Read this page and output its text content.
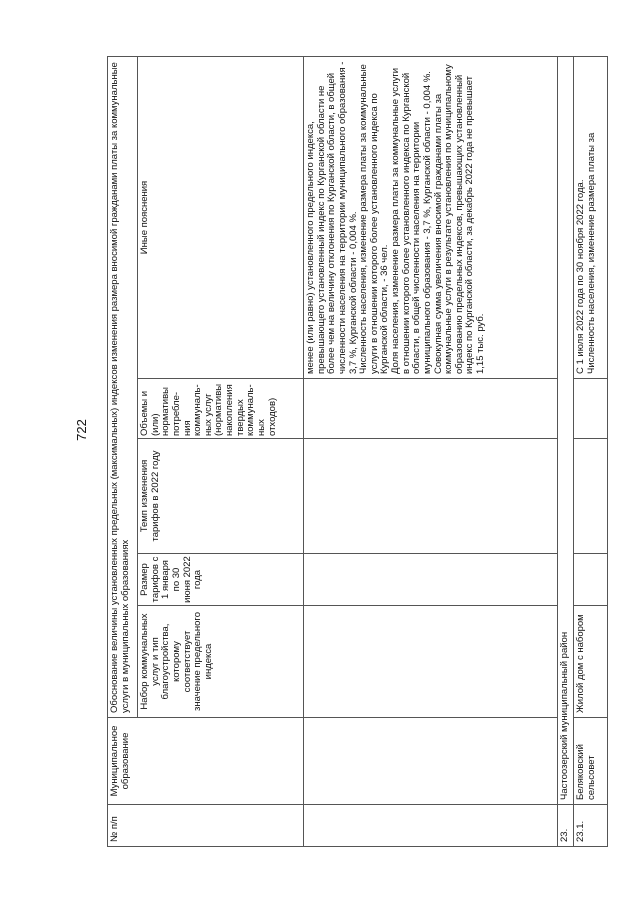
722
№ п/п	Муниципальное образование	Обоснование величины установленных предельных (максимальных) индексов изменения размера вносимой гражданами платы за коммунальные услуги в муниципальных образованиях				
		Набор коммунальных услуг и тип благоустройства, которому соответствует значение предельного индекса	Размер тарифов с 1 января по 30 июня 2022 года	Темп изменения тарифов в 2022 году	Объемы и (или) нормативы потребле-ния коммуналь-ных услуг (нормативы накопления твердых коммуналь-ных отходов)	Иные пояснения
						менее (или равно) установленного предельного индекса, превышающего установленный индекс по Курганской области не более чем на величину отклонения по Курганской области, в общей численности населения на территории муниципального образования - 3,7 %, Курганской области - 0,004 %.
Численность населения, изменение размера платы за коммунальные услуги в отношении которого более установленного индекса по Курганской области, - 36 чел.
Доля населения, изменение размера платы за коммунальные услуги в отношении которого более установленного индекса по Курганской области, в общей численности населения на территории муниципального образования - 3,7 %, Курганской области - 0,004 %.
Совокупная сумма увеличения вносимой гражданами платы за коммунальные услуги в результате установления по муниципальному образованию предельных индексов, превышающих установленный индекс по Курганской области, за декабрь 2022 года не превышает 1,15 тыс. руб.
23.	Частоозерский муниципальный район					
23.1.	Беляковский сельсовет	Жилой дом с набором				С 1 июля 2022 года по 30 ноября 2022 года.
Численность населения, изменение размера платы за
